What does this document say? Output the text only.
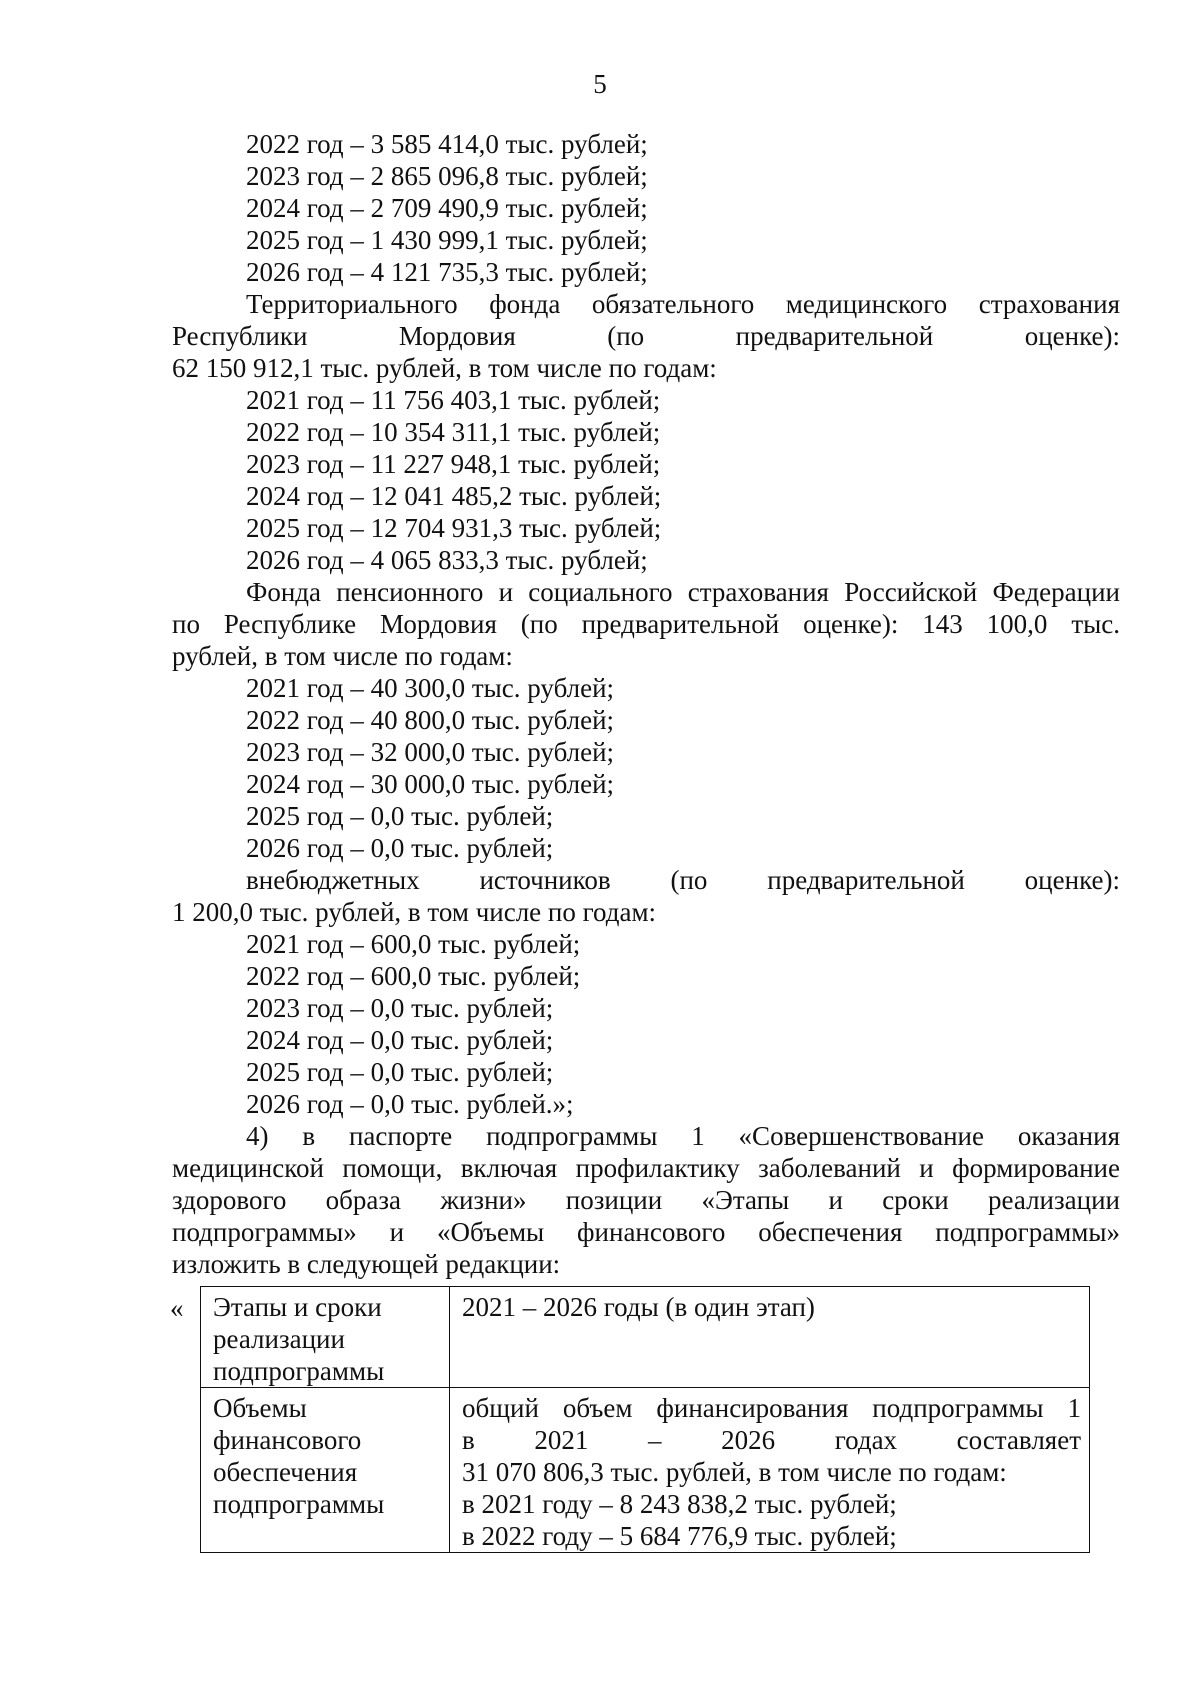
5
2022 год – 3 585 414,0 тыс. рублей;
2023 год – 2 865 096,8 тыс. рублей;
2024 год – 2 709 490,9 тыс. рублей;
2025 год – 1 430 999,1 тыс. рублей;
2026 год – 4 121 735,3 тыс. рублей;
Территориального фонда обязательного медицинского страхования
Республики Мордовия (по предварительной оценке):
62 150 912,1 тыс. рублей, в том числе по годам:
2021 год – 11 756 403,1 тыс. рублей;
2022 год – 10 354 311,1 тыс. рублей;
2023 год – 11 227 948,1 тыс. рублей;
2024 год – 12 041 485,2 тыс. рублей;
2025 год – 12 704 931,3 тыс. рублей;
2026 год – 4 065 833,3 тыс. рублей;
Фонда пенсионного и социального страхования Российской Федерации
по Республике Мордовия (по предварительной оценке): 143 100,0 тыс.
рублей, в том числе по годам:
2021 год – 40 300,0 тыс. рублей;
2022 год – 40 800,0 тыс. рублей;
2023 год – 32 000,0 тыс. рублей;
2024 год – 30 000,0 тыс. рублей;
2025 год – 0,0 тыс. рублей;
2026 год – 0,0 тыс. рублей;
внебюджетных источников (по предварительной оценке):
1 200,0 тыс. рублей, в том числе по годам:
2021 год – 600,0 тыс. рублей;
2022 год – 600,0 тыс. рублей;
2023 год – 0,0 тыс. рублей;
2024 год – 0,0 тыс. рублей;
2025 год – 0,0 тыс. рублей;
2026 год – 0,0 тыс. рублей.»;
4) в паспорте подпрограммы 1 «Совершенствование оказания
медицинской помощи, включая профилактику заболеваний и формирование
здорового образа жизни» позиции «Этапы и сроки реализации
подпрограммы» и «Объемы финансового обеспечения подпрограммы»
изложить в следующей редакции:
« Этапы и сроки
реализации
подпрограммы	2021 – 2026 годы (в один этап)

Объемы
финансового
обеспечения
подпрограммы	общий объем финансирования подпрограммы 1
в 2021 – 2026 годах составляет
31 070 806,3 тыс. рублей, в том числе по годам:
в 2021 году – 8 243 838,2 тыс. рублей;
в 2022 году – 5 684 776,9 тыс. рублей;
